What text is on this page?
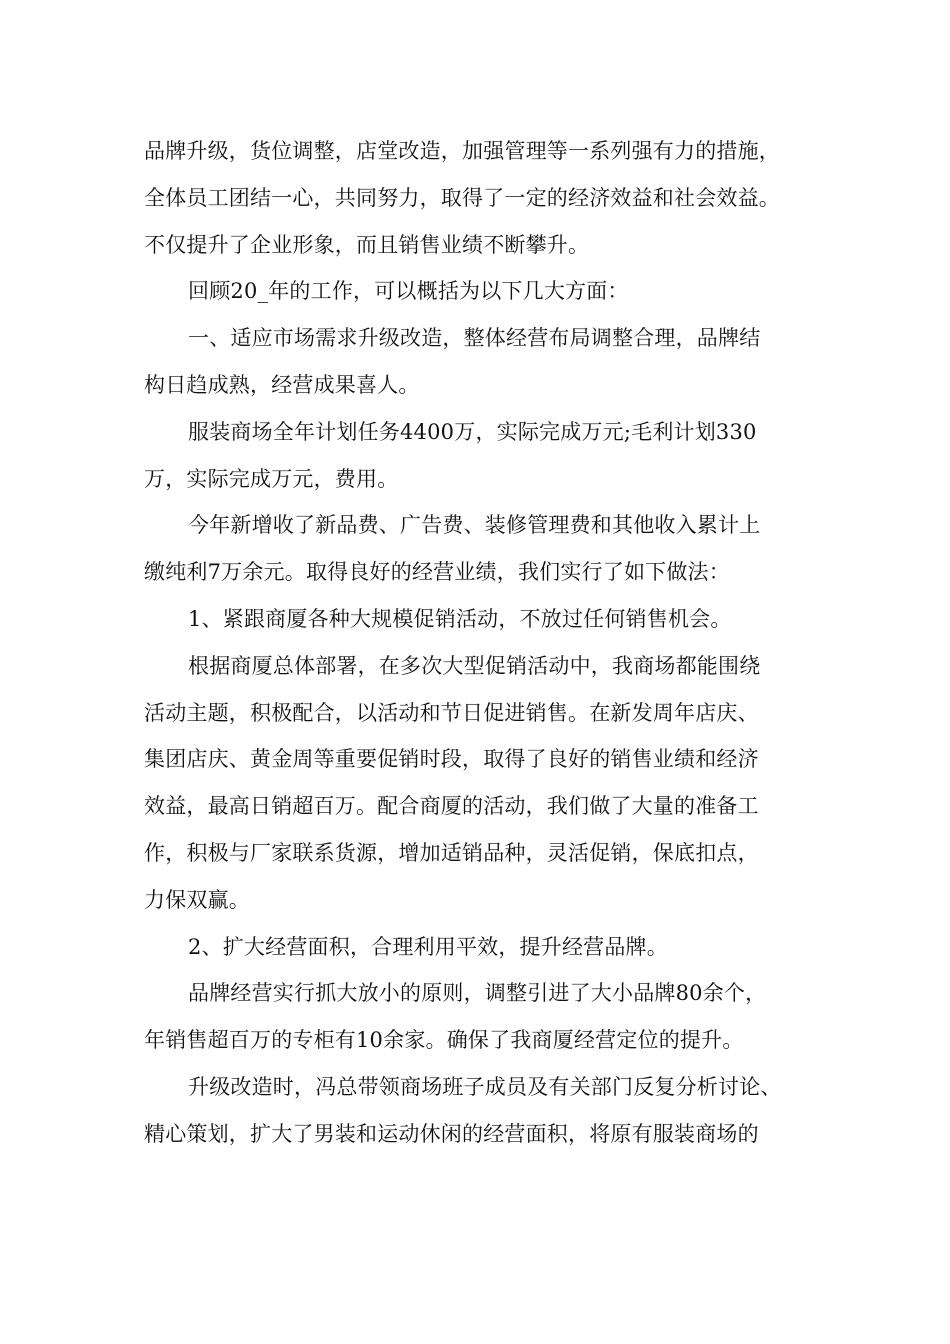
品牌升级，货位调整，店堂改造，加强管理等一系列强有力的措施，
全体员工团结一心，共同努力，取得了一定的经济效益和社会效益。
不仅提升了企业形象，而且销售业绩不断攀升。
回顾20_年的工作，可以概括为以下几大方面：
一、适应市场需求升级改造，整体经营布局调整合理，品牌结
构日趋成熟，经营成果喜人。
服装商场全年计划任务4400万，实际完成万元;毛利计划330
万，实际完成万元，费用。
今年新增收了新品费、广告费、装修管理费和其他收入累计上
缴纯利7万余元。取得良好的经营业绩，我们实行了如下做法：
1、紧跟商厦各种大规模促销活动，不放过任何销售机会。
根据商厦总体部署，在多次大型促销活动中，我商场都能围绕
活动主题，积极配合，以活动和节日促进销售。在新发周年店庆、
集团店庆、黄金周等重要促销时段，取得了良好的销售业绩和经济
效益，最高日销超百万。配合商厦的活动，我们做了大量的准备工
作，积极与厂家联系货源，增加适销品种，灵活促销，保底扣点，
力保双赢。
2、扩大经营面积，合理利用平效，提升经营品牌。
品牌经营实行抓大放小的原则，调整引进了大小品牌80余个，
年销售超百万的专柜有10余家。确保了我商厦经营定位的提升。
升级改造时，冯总带领商场班子成员及有关部门反复分析讨论、
精心策划，扩大了男装和运动休闲的经营面积，将原有服装商场的
